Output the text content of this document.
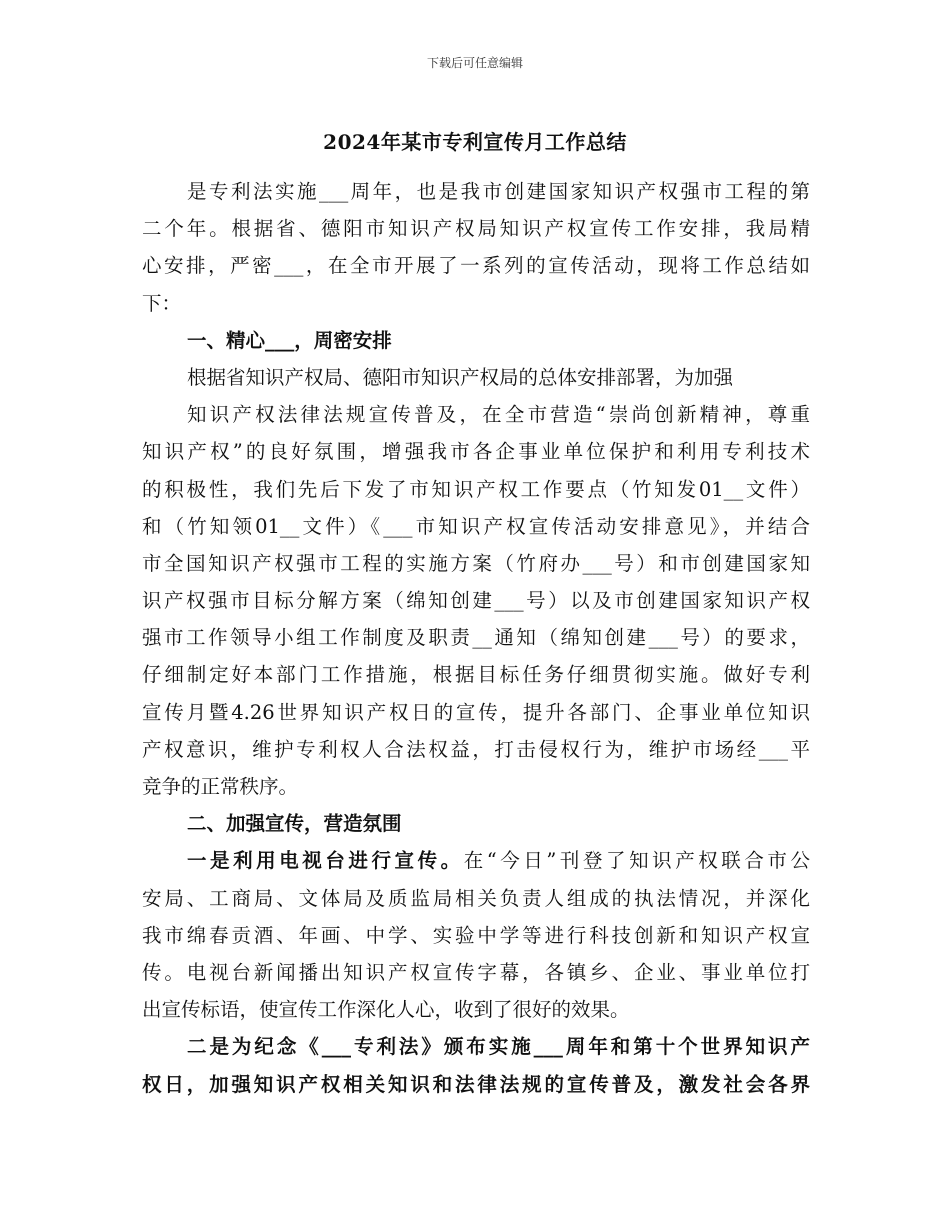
下载后可任意编辑
2024年某市专利宣传月工作总结
是专利法实施___周年，也是我市创建国家知识产权强市工程的第
二个年。根据省、德阳市知识产权局知识产权宣传工作安排，我局精
心安排，严密___，在全市开展了一系列的宣传活动，现将工作总结如
下：
一、精心___，周密安排
根据省知识产权局、德阳市知识产权局的总体安排部署，为加强
知识产权法律法规宣传普及，在全市营造“崇尚创新精神，尊重
知识产权”的良好氛围，增强我市各企事业单位保护和利用专利技术
的积极性，我们先后下发了市知识产权工作要点（竹知发01__文件）
和（竹知领01__文件）《___市知识产权宣传活动安排意见》，并结合
市全国知识产权强市工程的实施方案（竹府办___号）和市创建国家知
识产权强市目标分解方案（绵知创建___号）以及市创建国家知识产权
强市工作领导小组工作制度及职责__通知（绵知创建___号）的要求，
仔细制定好本部门工作措施，根据目标任务仔细贯彻实施。做好专利
宣传月暨4.26世界知识产权日的宣传，提升各部门、企事业单位知识
产权意识，维护专利权人合法权益，打击侵权行为，维护市场经___平
竞争的正常秩序。
二、加强宣传，营造氛围
一是利用电视台进行宣传。在“今日”刊登了知识产权联合市公
安局、工商局、文体局及质监局相关负责人组成的执法情况，并深化
我市绵春贡酒、年画、中学、实验中学等进行科技创新和知识产权宣
传。电视台新闻播出知识产权宣传字幕，各镇乡、企业、事业单位打
出宣传标语，使宣传工作深化人心，收到了很好的效果。
二是为纪念《___专利法》颁布实施___周年和第十个世界知识产
权日，加强知识产权相关知识和法律法规的宣传普及，激发社会各界
